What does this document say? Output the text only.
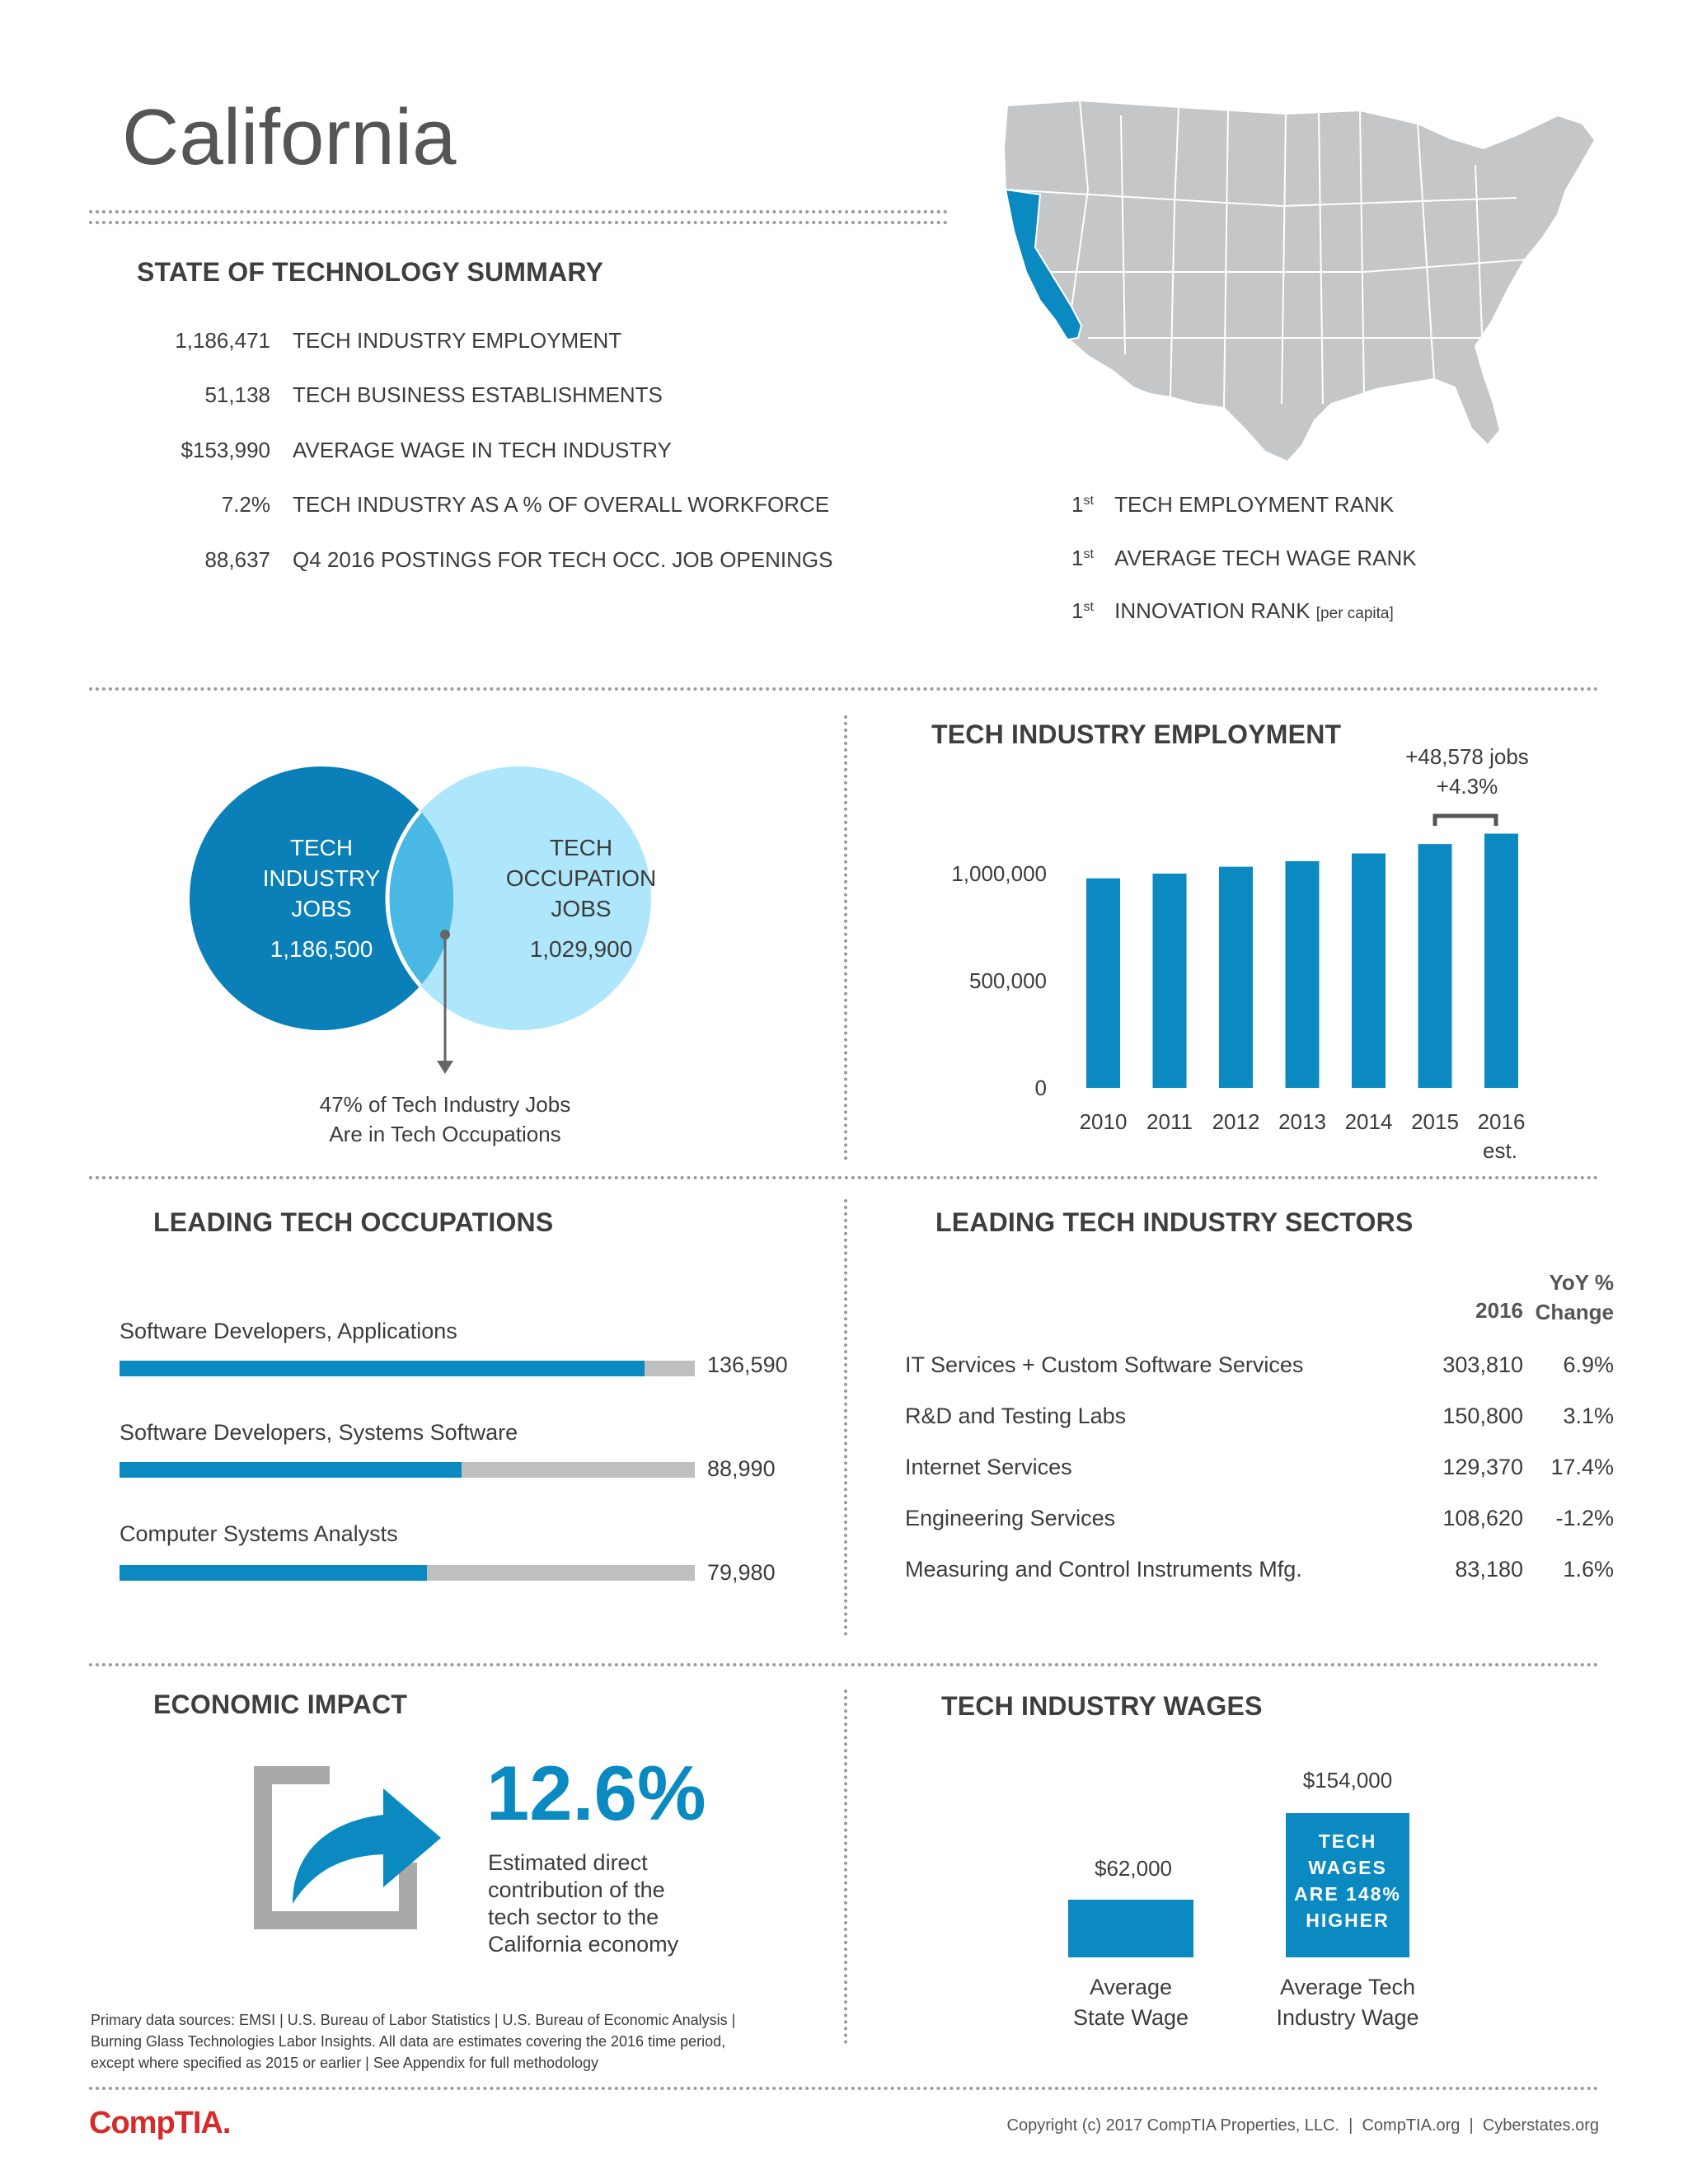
California
STATE OF TECHNOLOGY SUMMARY
1,186,471 TECH INDUSTRY EMPLOYMENT
51,138 TECH BUSINESS ESTABLISHMENTS
$153,990 AVERAGE WAGE IN TECH INDUSTRY
7.2% TECH INDUSTRY AS A % OF OVERALL WORKFORCE
88,637 Q4 2016 POSTINGS FOR TECH OCC. JOB OPENINGS
1st TECH EMPLOYMENT RANK
1st AVERAGE TECH WAGE RANK
1st INNOVATION RANK [per capita]
TECH
INDUSTRY
JOBS
1,186,500
TECH
OCCUPATION
JOBS
1,029,900
47% of Tech Industry Jobs
Are in Tech Occupations
TECH INDUSTRY EMPLOYMENT
+48,578 jobs
+4.3%
0
500,000
1,000,000
2010 2011 2012 2013 2014 2015 2016
est.
LEADING TECH OCCUPATIONS
Software Developers, Applications
136,590
Software Developers, Systems Software
88,990
Computer Systems Analysts
79,980
LEADING TECH INDUSTRY SECTORS
2016
YoY %
Change
IT Services + Custom Software Services	303,810 6.9%
R&D and Testing Labs	150,800 3.1%
Internet Services	129,370 17.4%
Engineering Services	108,620 -1.2%
Measuring and Control Instruments Mfg.	83,180 1.6%
ECONOMIC IMPACT
12.6%
Estimated direct
contribution of the
tech sector to the
California economy
TECH INDUSTRY WAGES
$154,000
TECH
WAGES
ARE 148%
HIGHER
$62,000
Average
State Wage
Average Tech
Industry Wage
Primary data sources: EMSI | U.S. Bureau of Labor Statistics | U.S. Bureau of Economic Analysis |
Burning Glass Technologies Labor Insights. All data are estimates covering the 2016 time period,
except where specified as 2015 or earlier | See Appendix for full methodology
CompTIA.	Copyright (c) 2017 CompTIA Properties, LLC.  |  CompTIA.org  |  Cyberstates.org
